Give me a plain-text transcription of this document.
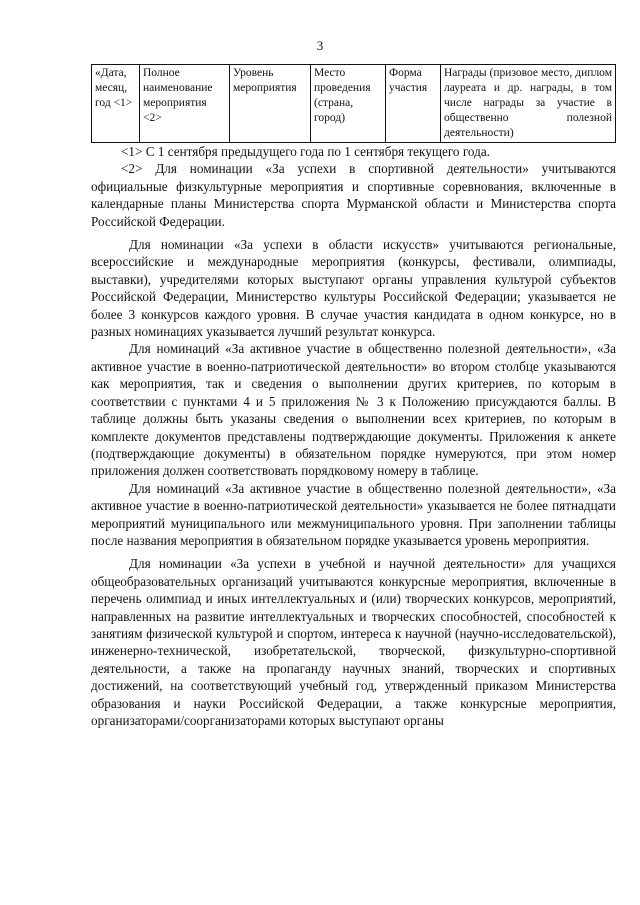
3
«Дата, месяц, год <1>	Полное наименование мероприятия <2>	Уровень мероприятия	Место проведения (страна, город)	Форма участия	Награды (призовое место, диплом лауреата и др. награды, в том числе награды за участие в общественно полезной деятельности)

<1> С 1 сентября предыдущего года по 1 сентября текущего года.

<2> Для номинации «За успехи в спортивной деятельности» учитываются официальные физкультурные мероприятия и спортивные соревнования, включенные в календарные планы Министерства спорта Мурманской области и Министерства спорта Российской Федерации.

Для номинации «За успехи в области искусств» учитываются региональные, всероссийские и международные мероприятия (конкурсы, фестивали, олимпиады, выставки), учредителями которых выступают органы управления культурой субъектов Российской Федерации, Министерство культуры Российской Федерации; указывается не более 3 конкурсов каждого уровня. В случае участия кандидата в одном конкурсе, но в разных номинациях указывается лучший результат конкурса.

Для номинаций «За активное участие в общественно полезной деятельности», «За активное участие в военно-патриотической деятельности» во втором столбце указываются как мероприятия, так и сведения о выполнении других критериев, по которым в соответствии с пунктами 4 и 5 приложения № 3 к Положению присуждаются баллы. В таблице должны быть указаны сведения о выполнении всех критериев, по которым в комплекте документов представлены подтверждающие документы. Приложения к анкете (подтверждающие документы) в обязательном порядке нумеруются, при этом номер приложения должен соответствовать порядковому номеру в таблице.

Для номинаций «За активное участие в общественно полезной деятельности», «За активное участие в военно-патриотической деятельности» указывается не более пятнадцати мероприятий муниципального или межмуниципального уровня. При заполнении таблицы после названия мероприятия в обязательном порядке указывается уровень мероприятия.

Для номинации «За успехи в учебной и научной деятельности» для учащихся общеобразовательных организаций учитываются конкурсные мероприятия, включенные в перечень олимпиад и иных интеллектуальных и (или) творческих конкурсов, мероприятий, направленных на развитие интеллектуальных и творческих способностей, способностей к занятиям физической культурой и спортом, интереса к научной (научно-исследовательской), инженерно-технической, изобретательской, творческой, физкультурно-спортивной деятельности, а также на пропаганду научных знаний, творческих и спортивных достижений, на соответствующий учебный год, утвержденный приказом Министерства образования и науки Российской Федерации, а также конкурсные мероприятия, организаторами/соорганизаторами которых выступают органы
